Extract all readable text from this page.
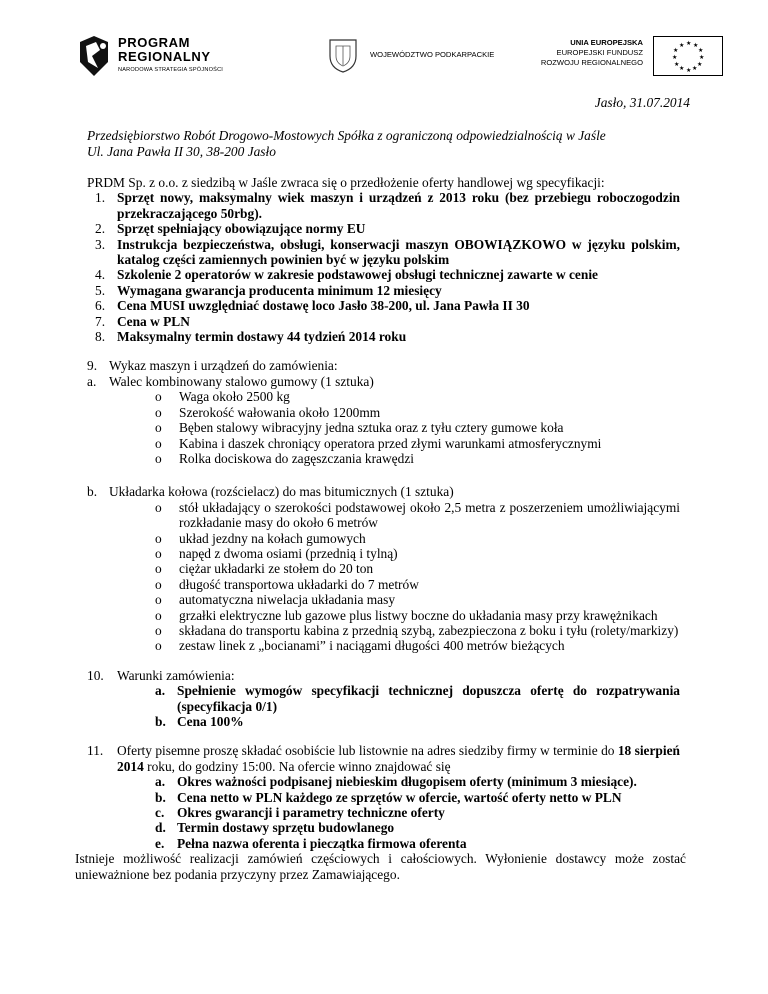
PROGRAM
REGIONALNY
NARODOWA STRATEGIA SPÓJNOŚCI
WOJEWÓDZTWO PODKARPACKIE
UNIA EUROPEJSKA
EUROPEJSKI FUNDUSZ
ROZWOJU REGIONALNEGO
★ ★
★
★
★
★
★
★
★
★
★
★
Jasło, 31.07.2014
Przedsiębiorstwo Robót Drogowo-Mostowych Spółka z ograniczoną odpowiedzialnością w Jaśle
Ul. Jana Pawła II 30, 38-200 Jasło

PRDM Sp. z o.o. z siedzibą w Jaśle zwraca się o przedłożenie oferty handlowej wg specyfikacji:

1. Sprzęt nowy, maksymalny wiek maszyn i urządzeń z 2013 roku (bez przebiegu roboczogodzin przekraczającego 50rbg).
2. Sprzęt spełniający obowiązujące normy EU
3. Instrukcja bezpieczeństwa, obsługi, konserwacji maszyn OBOWIĄZKOWO w języku polskim, katalog części zamiennych powinien być w języku polskim
4. Szkolenie 2 operatorów w zakresie podstawowej obsługi technicznej zawarte w cenie
5. Wymagana gwarancja producenta minimum 12 miesięcy
6. Cena MUSI uwzględniać dostawę loco Jasło 38-200, ul. Jana Pawła II 30
7. Cena w PLN
8. Maksymalny termin dostawy 44 tydzień 2014 roku
9. Wykaz maszyn i urządzeń do zamówienia:
a. Walec kombinowany stalowo gumowy (1 sztuka)
o	Waga około 2500 kg
o	Szerokość wałowania około 1200mm
o	Bęben stalowy wibracyjny jedna sztuka oraz z tyłu cztery gumowe koła
o	Kabina i daszek chroniący operatora przed złymi warunkami atmosferycznymi
o	Rolka dociskowa do zagęszczania krawędzi
b. Układarka kołowa (rozścielacz) do mas bitumicznych (1 sztuka)
o	stół układający o szerokości podstawowej około 2,5 metra z poszerzeniem umożliwiającymi rozkładanie masy do około 6 metrów
o	układ jezdny na kołach gumowych
o	napęd z dwoma osiami (przednią i tylną)
o	ciężar układarki ze stołem do 20 ton
o	długość transportowa układarki do 7 metrów
o	automatyczna niwelacja układania masy
o	grzałki elektryczne lub gazowe plus listwy boczne do układania masy przy krawężnikach
o	składana do transportu kabina z przednią szybą, zabezpieczona z boku i tyłu (rolety/markizy)
o	zestaw linek z „bocianami” i naciągami długości 400 metrów bieżących
10. Warunki zamówienia:
a. Spełnienie wymogów specyfikacji technicznej dopuszcza ofertę do rozpatrywania (specyfikacja 0/1)
b. Cena 100%
11.	Oferty pisemne proszę składać osobiście lub listownie na adres siedziby firmy w terminie do 18 sierpień 2014 roku, do godziny 15:00. Na ofercie winno znajdować się
a. Okres ważności podpisanej niebieskim długopisem oferty (minimum 3 miesiące).
b. Cena netto w PLN każdego ze sprzętów w ofercie, wartość oferty netto w PLN
c. Okres gwarancji i parametry techniczne oferty
d. Termin dostawy sprzętu budowlanego
e. Pełna nazwa oferenta i pieczątka firmowa oferenta

Istnieje możliwość realizacji zamówień częściowych i całościowych. Wyłonienie dostawcy może zostać unieważnione bez podania przyczyny przez Zamawiającego.
